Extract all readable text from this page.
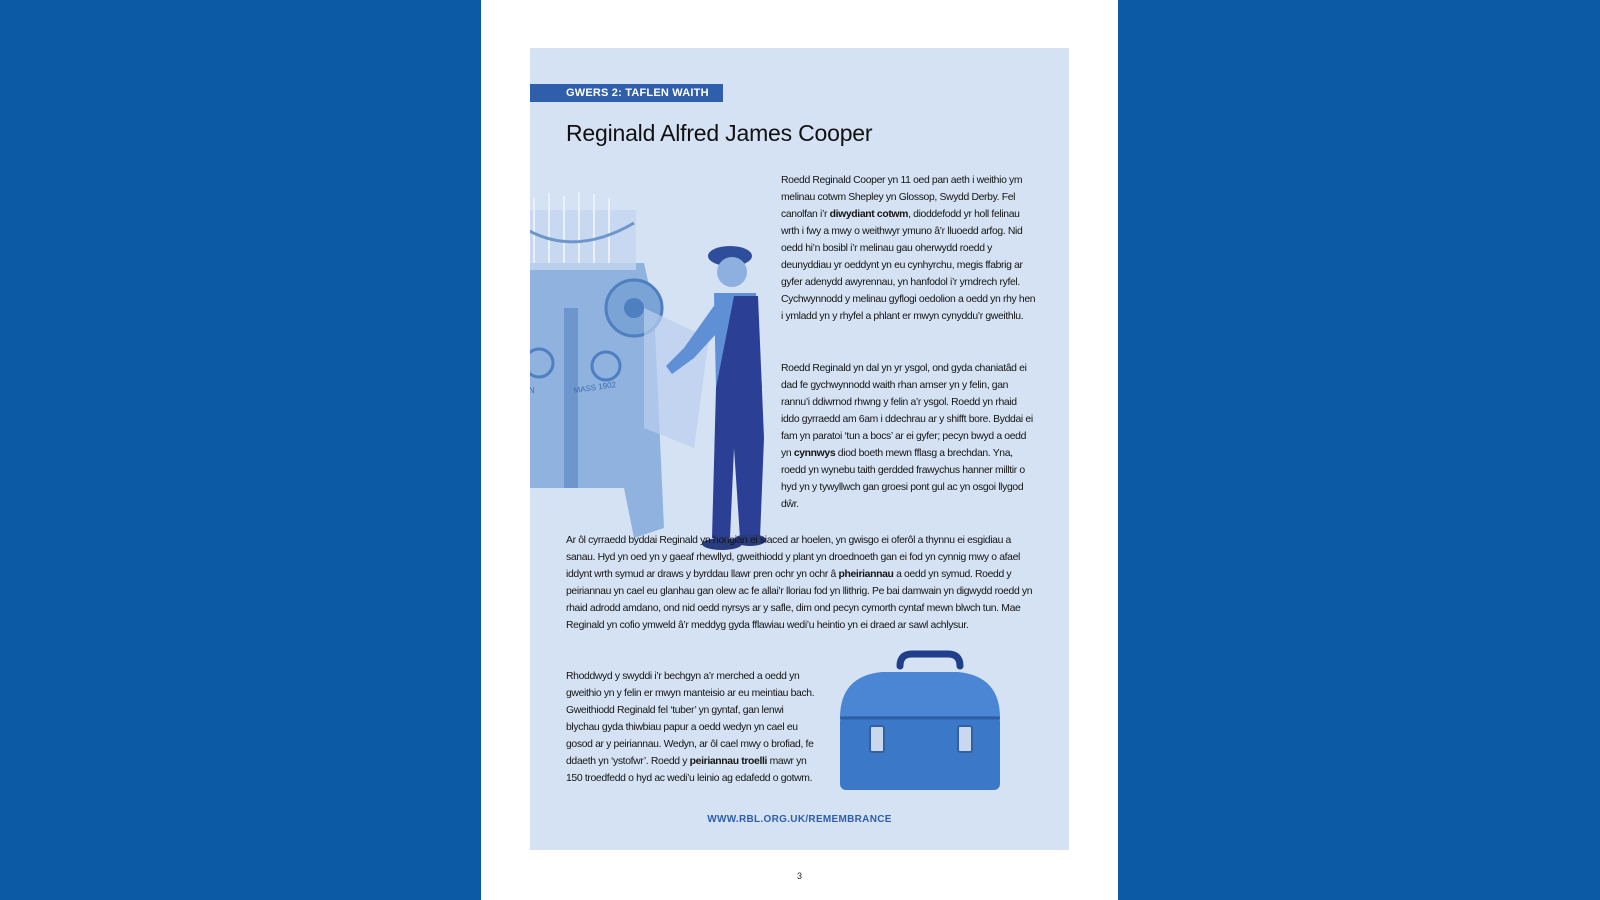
GWERS 2: TAFLEN WAITH
Reginald Alfred James Cooper
NTON	MASS 1902

Roedd Reginald Cooper yn 11 oed pan aeth i weithio ym melinau cotwm Shepley yn Glossop, Swydd Derby. Fel canolfan i’r diwydiant cotwm, dioddefodd yr holl felinau wrth i fwy a mwy o weithwyr ymuno â’r lluoedd arfog. Nid oedd hi’n bosibl i’r melinau gau oherwydd roedd y deunyddiau yr oeddynt yn eu cynhyrchu, megis ffabrig ar gyfer adenydd awyrennau, yn hanfodol i’r ymdrech ryfel. Cychwynnodd y melinau gyflogi oedolion a oedd yn rhy hen i ymladd yn y rhyfel a phlant er mwyn cynyddu’r gweithlu.

Roedd Reginald yn dal yn yr ysgol, ond gyda chaniatâd ei dad fe gychwynnodd waith rhan amser yn y felin, gan rannu’i ddiwrnod rhwng y felin a’r ysgol. Roedd yn rhaid iddo gyrraedd am 6am i ddechrau ar y shifft bore. Byddai ei fam yn paratoi ‘tun a bocs’ ar ei gyfer; pecyn bwyd a oedd yn cynnwys diod boeth mewn fflasg a brechdan. Yna, roedd yn wynebu taith gerdded frawychus hanner milltir o hyd yn y tywyllwch gan groesi pont gul ac yn osgoi llygod dŵr.

Ar ôl cyrraedd byddai Reginald yn hongian ei siaced ar hoelen, yn gwisgo ei oferôl a thynnu ei esgidiau a sanau. Hyd yn oed yn y gaeaf rhewllyd, gweithiodd y plant yn droednoeth gan ei fod yn cynnig mwy o afael iddynt wrth symud ar draws y byrddau llawr pren ochr yn ochr â pheiriannau a oedd yn symud. Roedd y peiriannau yn cael eu glanhau gan olew ac fe allai’r lloriau fod yn llithrig. Pe bai damwain yn digwydd roedd yn rhaid adrodd amdano, ond nid oedd nyrsys ar y safle, dim ond pecyn cymorth cyntaf mewn blwch tun. Mae Reginald yn cofio ymweld â’r meddyg gyda fflawiau wedi’u heintio yn ei draed ar sawl achlysur.

Rhoddwyd y swyddi i’r bechgyn a’r merched a oedd yn gweithio yn y felin er mwyn manteisio ar eu meintiau bach. Gweithiodd Reginald fel ‘tuber’ yn gyntaf, gan lenwi blychau gyda thiwbiau papur a oedd wedyn yn cael eu gosod ar y peiriannau. Wedyn, ar ôl cael mwy o brofiad, fe ddaeth yn ‘ystofwr’. Roedd y peiriannau troelli mawr yn 150 troedfedd o hyd ac wedi’u leinio ag edafedd o gotwm.

WWW.RBL.ORG.UK/REMEMBRANCE
3
